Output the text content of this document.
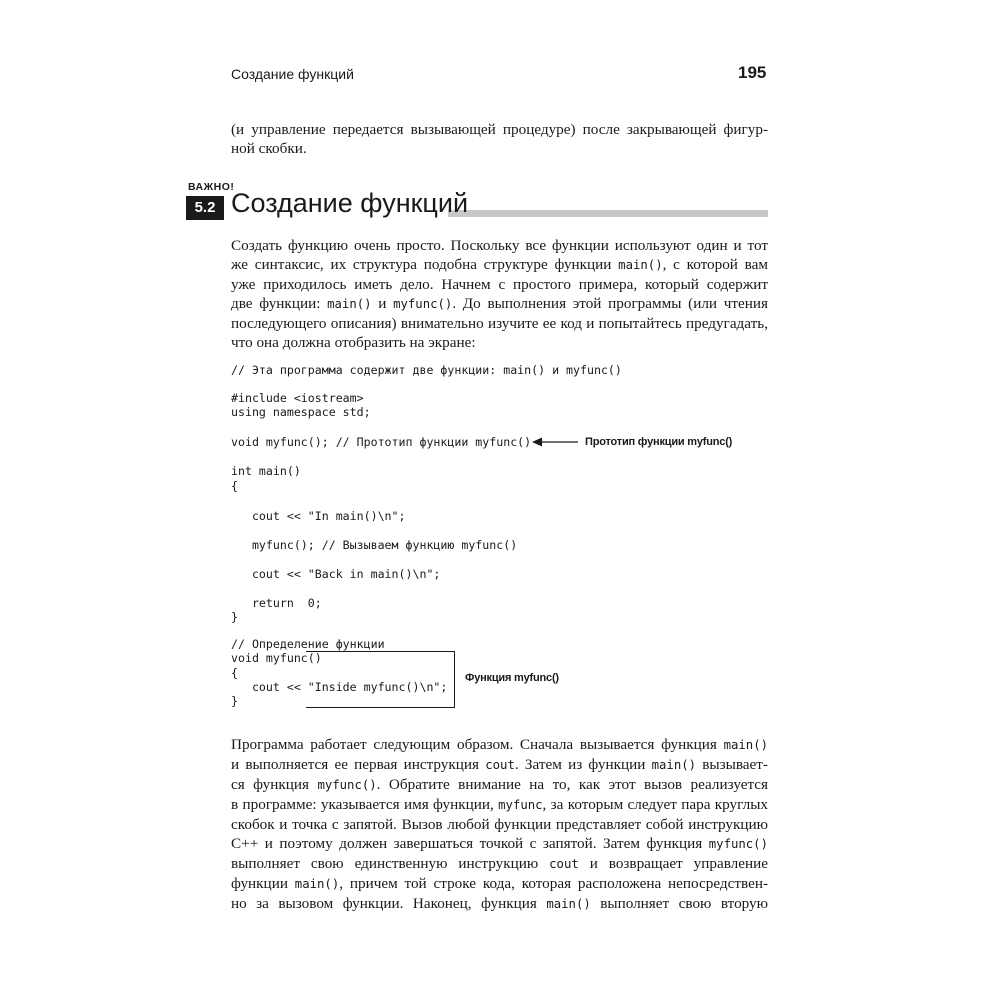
Создание функций	195
(и управление передается вызывающей процедуре) после закрывающей фигур-
ной скобки.
ВАЖНО!
5.2 Создание функций
Создать функцию очень просто. Поскольку все функции используют один и тот
же синтаксис, их структура подобна структуре функции main(), с которой вам
уже приходилось иметь дело. Начнем с простого примера, который содержит
две функции: main() и myfunc(). До выполнения этой программы (или чтения
последующего описания) внимательно изучите ее код и попытайтесь предугадать,
что она должна отобразить на экране:
// Эта программа содержит две функции: main() и myfunc()
#include <iostream>
using namespace std;
void myfunc(); // Прототип функции myfunc()
int main()
{
cout << "In main()\n";
myfunc(); // Вызываем функцию myfunc()
cout << "Back in main()\n";
return  0;
}
// Определение функции
void myfunc()
{
cout << "Inside myfunc()\n";
}
Прототип функции myfunc()
Функция myfunc()
Программа работает следующим образом. Сначала вызывается функция main()
и выполняется ее первая инструкция cout. Затем из функции main() вызывает-
ся функция myfunc(). Обратите внимание на то, как этот вызов реализуется
в программе: указывается имя функции, myfunc, за которым следует пара круглых
скобок и точка с запятой. Вызов любой функции представляет собой инструкцию
C++ и поэтому должен завершаться точкой с запятой. Затем функция myfunc()
выполняет свою единственную инструкцию cout и возвращает управление
функции main(), причем той строке кода, которая расположена непосредствен-
но за вызовом функции. Наконец, функция main() выполняет свою вторую
